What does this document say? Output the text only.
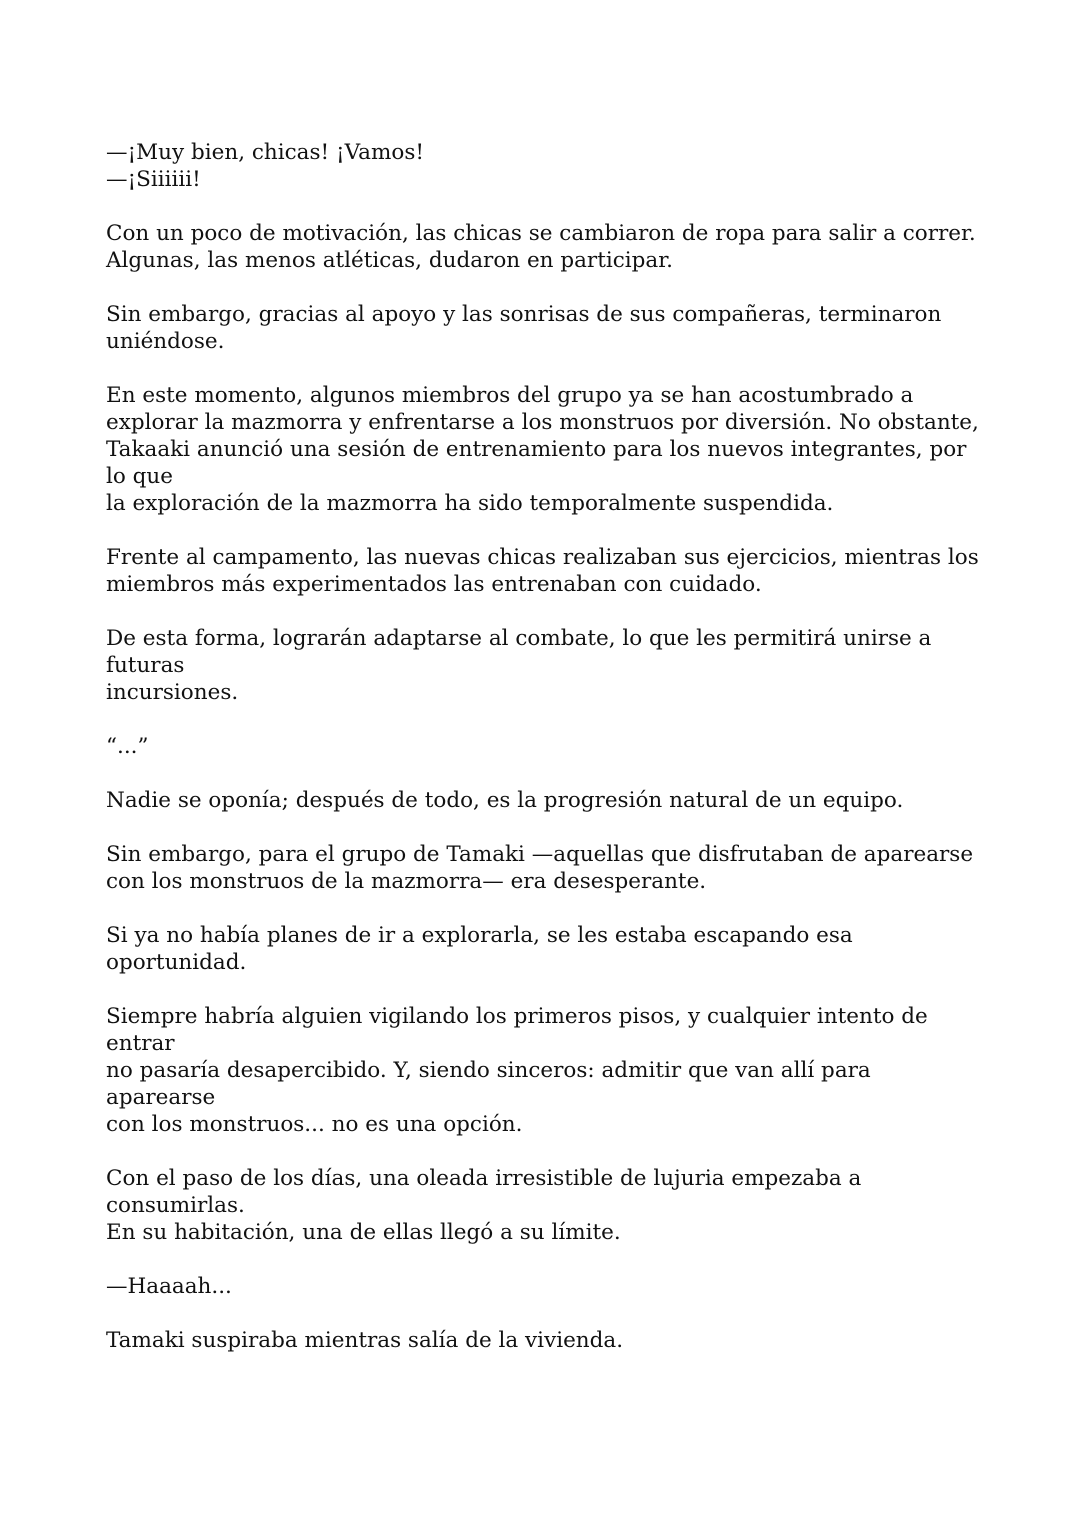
—¡Muy bien, chicas! ¡Vamos!

—¡Siiiiii!

Con un poco de motivación, las chicas se cambiaron de ropa para salir a correr.
Algunas, las menos atléticas, dudaron en participar.

Sin embargo, gracias al apoyo y las sonrisas de sus compañeras, terminaron
uniéndose.

En este momento, algunos miembros del grupo ya se han acostumbrado a
explorar la mazmorra y enfrentarse a los monstruos por diversión. No obstante,
Takaaki anunció una sesión de entrenamiento para los nuevos integrantes, por lo que
la exploración de la mazmorra ha sido temporalmente suspendida.

Frente al campamento, las nuevas chicas realizaban sus ejercicios, mientras los
miembros más experimentados las entrenaban con cuidado.

De esta forma, lograrán adaptarse al combate, lo que les permitirá unirse a futuras
incursiones.

“...”

Nadie se oponía; después de todo, es la progresión natural de un equipo.

Sin embargo, para el grupo de Tamaki —aquellas que disfrutaban de aparearse
con los monstruos de la mazmorra— era desesperante.

Si ya no había planes de ir a explorarla, se les estaba escapando esa oportunidad.

Siempre habría alguien vigilando los primeros pisos, y cualquier intento de entrar
no pasaría desapercibido. Y, siendo sinceros: admitir que van allí para aparearse
con los monstruos... no es una opción.

Con el paso de los días, una oleada irresistible de lujuria empezaba a consumirlas.
En su habitación, una de ellas llegó a su límite.

—Haaaah...

Tamaki suspiraba mientras salía de la vivienda.
